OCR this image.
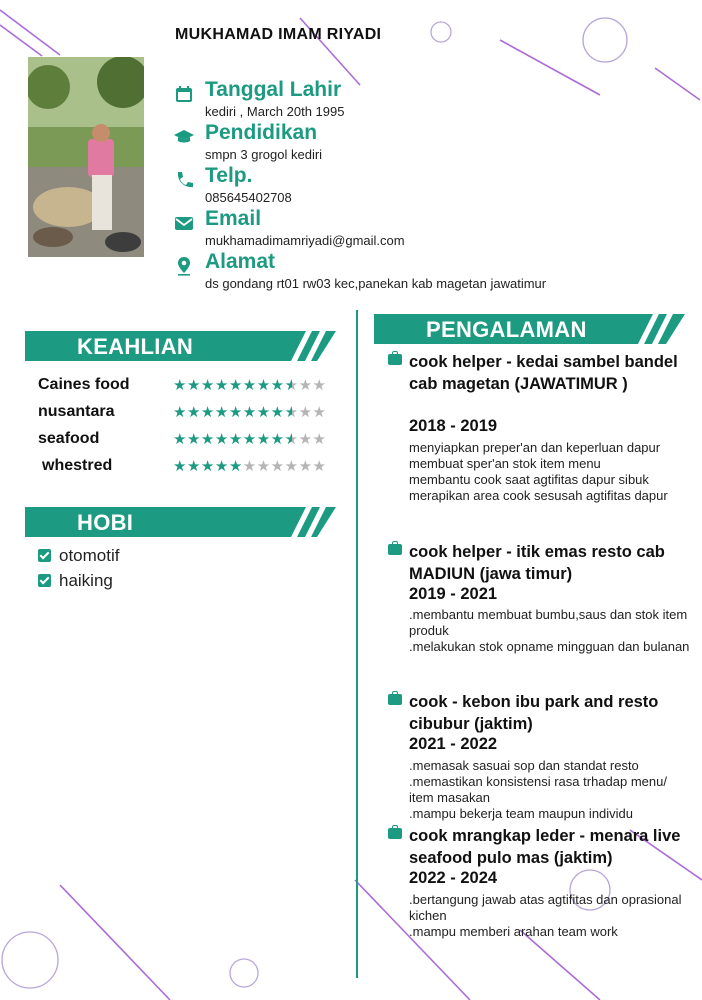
MUKHAMAD IMAM RIYADI
Tanggal Lahir
kediri , March 20th 1995
Pendidikan
smpn 3 grogol kediri
Telp.
085645402708
Email
mukhamadimamriyadi@gmail.com
Alamat
ds gondang rt01 rw03 kec,panekan kab magetan jawatimur
KEAHLIAN
Caines food	★★★★★★★★★★★
nusantara	★★★★★★★★★★★
seafood	★★★★★★★★★★★
whestred	★★★★★★★★★★★
HOBI
otomotif
haiking
PENGALAMAN
cook helper - kedai sambel bandel cab magetan (JAWATIMUR )
2018 - 2019
menyiapkan preper'an dan keperluan dapur
membuat sper'an stok item menu
membantu cook saat agtifitas dapur sibuk
merapikan area cook sesusah agtifitas dapur
cook helper - itik emas resto cab MADIUN (jawa timur)
2019 - 2021
.membantu membuat bumbu,saus dan stok item produk
.melakukan stok opname mingguan dan bulanan
cook - kebon ibu park and resto cibubur (jaktim)
2021 - 2022
.memasak sasuai sop dan standat resto
.memastikan konsistensi rasa trhadap menu/ item masakan
.mampu bekerja team maupun individu
cook mrangkap leder - menara live seafood pulo mas (jaktim)
2022 - 2024
.bertangung jawab atas agtifitas dan oprasional kichen
.mampu memberi arahan team work
